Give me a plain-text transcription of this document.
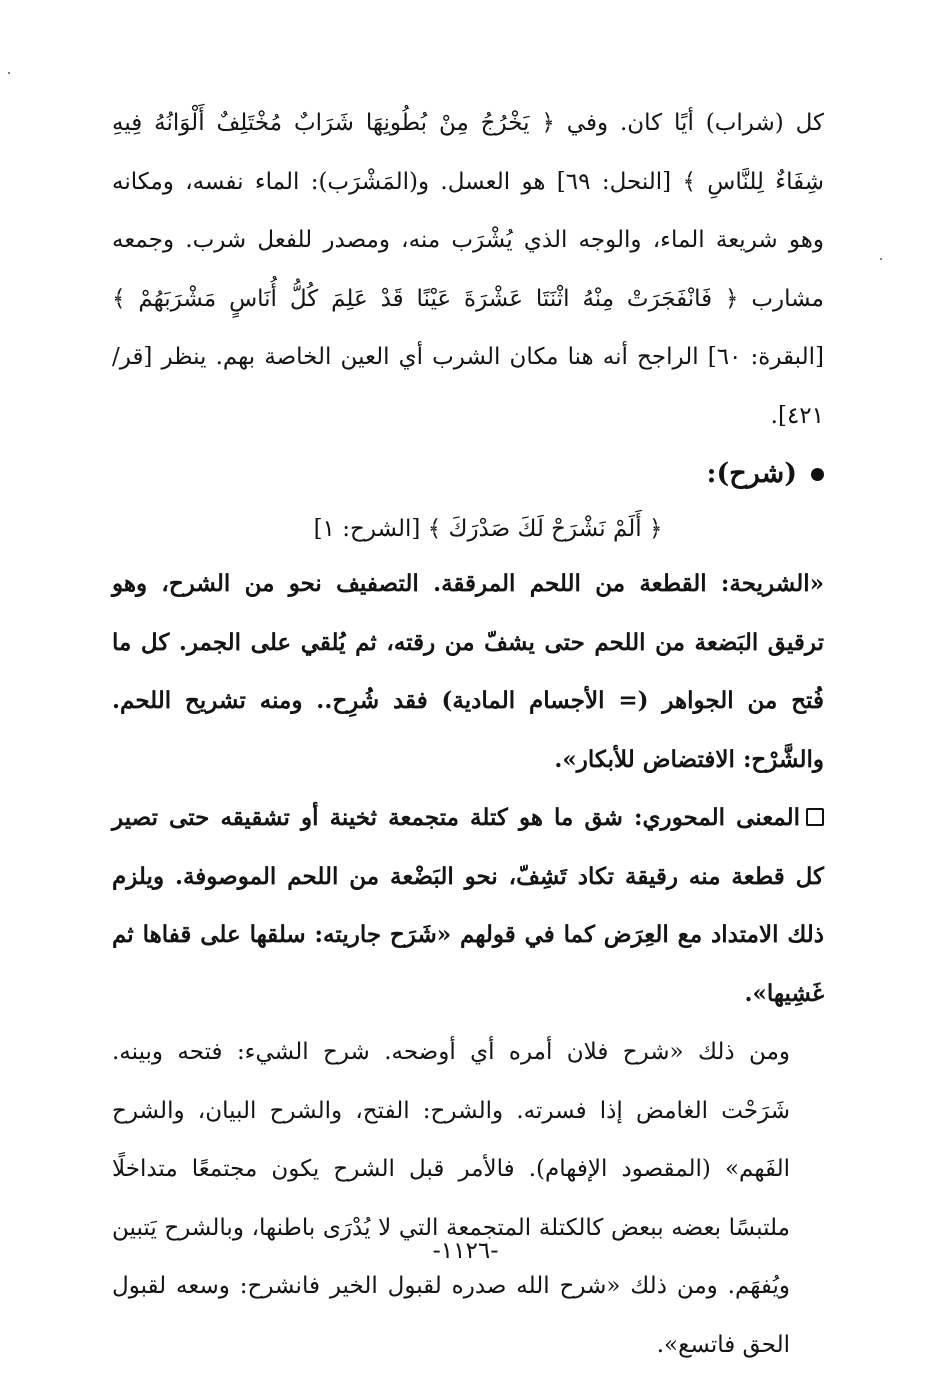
كل (شراب) أيًا كان. وفي ﴿ يَخْرُجُ مِنْ بُطُونِهَا شَرَابٌ مُخْتَلِفٌ أَلْوَانُهُ فِيهِ شِفَاءٌ لِلنَّاسِ ﴾ [النحل: ٦٩] هو العسل. و(المَشْرَب): الماء نفسه، ومكانه وهو شريعة الماء، والوجه الذي يُشْرَب منه، ومصدر للفعل شرب. وجمعه مشارب ﴿ فَانْفَجَرَتْ مِنْهُ اثْنَتَا عَشْرَةَ عَيْنًا قَدْ عَلِمَ كُلُّ أُنَاسٍ مَشْرَبَهُمْ ﴾ [البقرة: ٦٠] الراجح أنه هنا مكان الشرب أي العين الخاصة بهم. ينظر [قر/ ٤٢١].

(شرح):

﴿ أَلَمْ نَشْرَحْ لَكَ صَدْرَكَ ﴾ [الشرح: ١]

«الشريحة: القطعة من اللحم المرققة. التصفيف نحو من الشرح، وهو ترقيق البَضعة من اللحم حتى يشفّ من رقته، ثم يُلقي على الجمر. كل ما فُتح من الجواهر (= الأجسام المادية) فقد شُرِح.. ومنه تشريح اللحم. والشَّرْح: الافتضاض للأبكار».

المعنى المحوري: شق ما هو كتلة متجمعة ثخينة أو تشقيقه حتى تصير كل قطعة منه رقيقة تكاد تَشِفّ، نحو البَضْعة من اللحم الموصوفة. ويلزم ذلك الامتداد مع العِرَض كما في قولهم «شَرَح جاريته: سلقها على قفاها ثم غَشِيها».

ومن ذلك «شرح فلان أمره أي أوضحه. شرح الشيء: فتحه وبينه. شَرَحْت الغامض إذا فسرته. والشرح: الفتح، والشرح البيان، والشرح الفَهم» (المقصود الإفهام). فالأمر قبل الشرح يكون مجتمعًا متداخلًا ملتبسًا بعضه ببعض كالكتلة المتجمعة التي لا يُدْرَى باطنها، وبالشرح يَتبين ويُفهَم. ومن ذلك «شرح الله صدره لقبول الخير فانشرح: وسعه لقبول الحق فاتسع».

-١١٢٦-
